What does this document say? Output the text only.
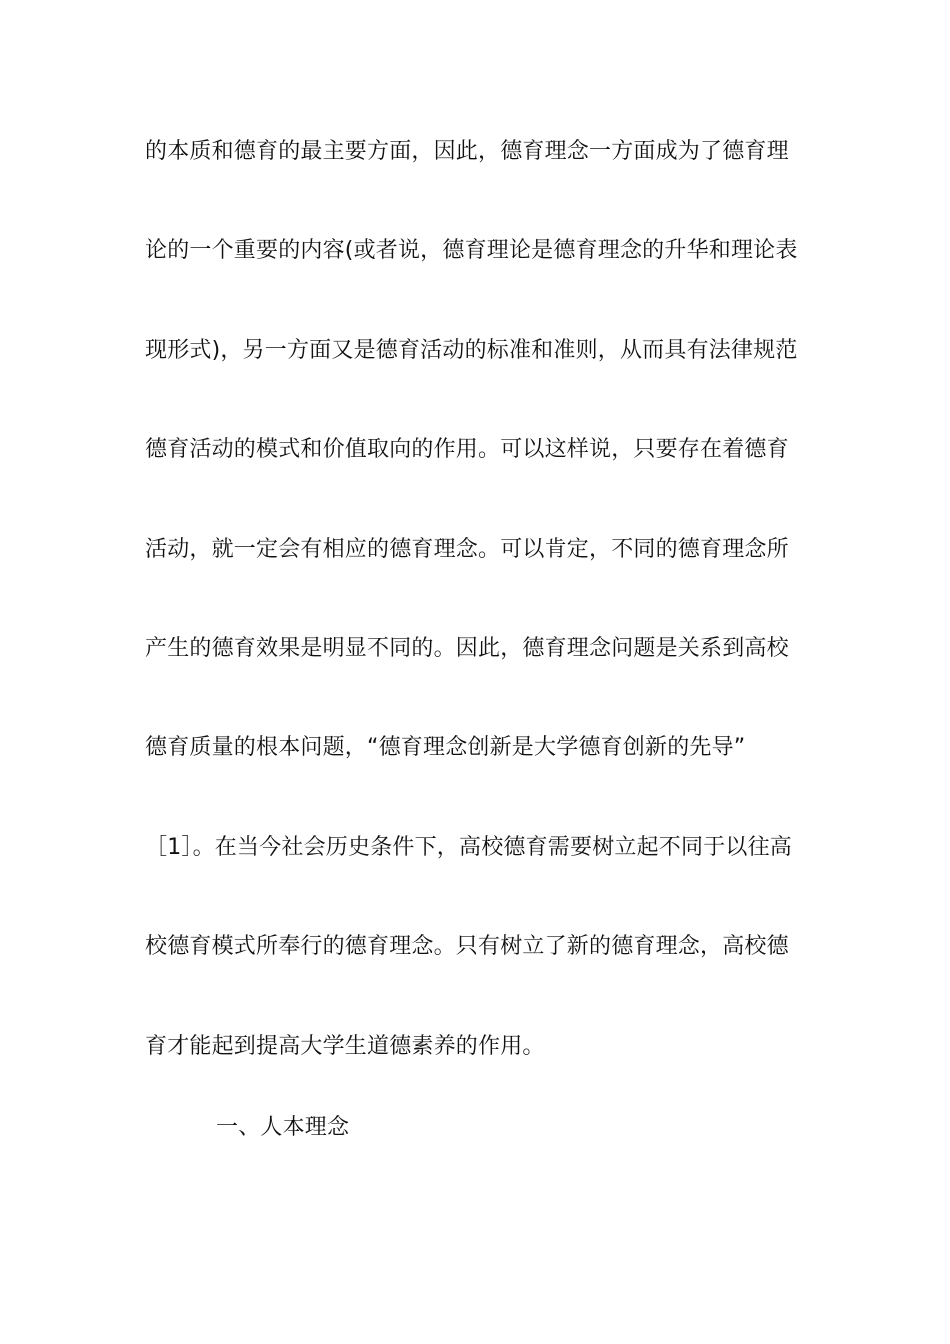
的本质和德育的最主要方面，因此，德育理念一方面成为了德育理
论的一个重要的内容(或者说，德育理论是德育理念的升华和理论表
现形式)，另一方面又是德育活动的标准和准则，从而具有法律规范
德育活动的模式和价值取向的作用。可以这样说，只要存在着德育
活动，就一定会有相应的德育理念。可以肯定，不同的德育理念所
产生的德育效果是明显不同的。因此，德育理念问题是关系到高校
德育质量的根本问题，“德育理念创新是大学德育创新的先导”
［1］。在当今社会历史条件下，高校德育需要树立起不同于以往高
校德育模式所奉行的德育理念。只有树立了新的德育理念，高校德
育才能起到提高大学生道德素养的作用。
一、人本理念
